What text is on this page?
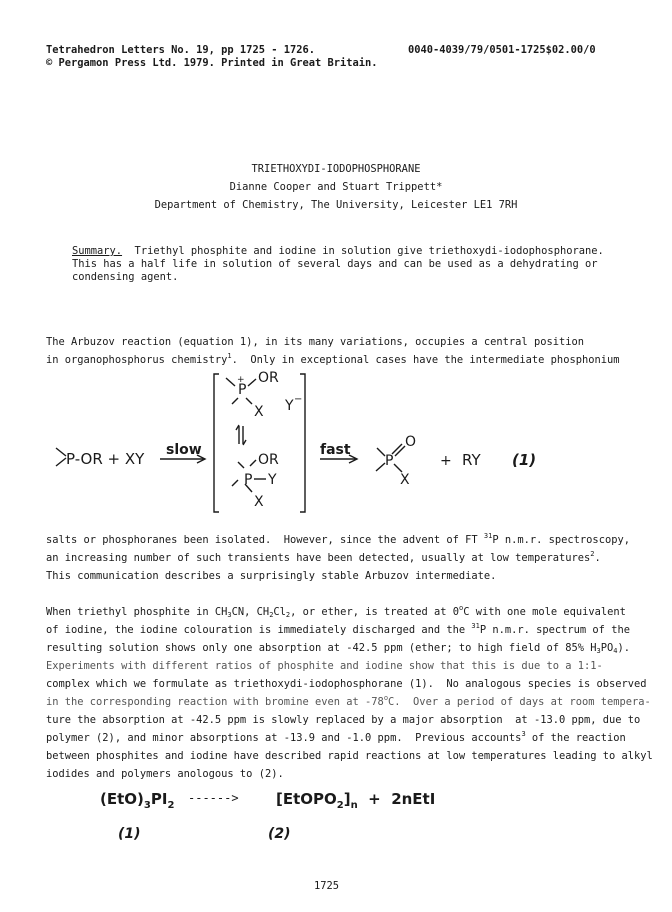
Tetrahedron Letters No. 19, pp 1725 - 1726.
© Pergamon Press Ltd. 1979. Printed in Great Britain.
0040-4039/79/0501-1725$02.00/0
TRIETHOXYDI-IODOPHOSPHORANE
Dianne Cooper and Stuart Trippett*
Department of Chemistry, The University, Leicester LE1 7RH
Summary.  Triethyl phosphite and iodine in solution give triethoxydi-iodophosphorane.
This has a half life in solution of several days and can be used as a dehydrating or
condensing agent.
The Arbuzov reaction (equation 1), in its many variations, occupies a central position
in organophosphorus chemistry$^1$.  Only in exceptional cases have the intermediate phosphonium
P-OR + XY slow
OR
P
+
X Y −
OR
P Y
X
fast	O
P
X
+ RY (1)
salts or phosphoranes been isolated.  However, since the advent of FT $^{31}$P n.m.r. spectroscopy,
an increasing number of such transients have been detected, usually at low temperatures$^2$.
This communication describes a surprisingly stable Arbuzov intermediate.
When triethyl phosphite in $CH_3CN$, $CH_2Cl_2$, or ether, is treated at 0$^o$C with one mole equivalent
of iodine, the iodine colouration is immediately discharged and the $^{31}$P n.m.r. spectrum of the
resulting solution shows only one absorption at -42.5 ppm (ether; to high field of 85% $H_3PO_4$).
Experiments with different ratios of phosphite and iodine show that this is due to a 1:1-
complex which we formulate as triethoxydi-iodophosphorane (1).  No analogous species is observed
in the corresponding reaction with bromine even at -78$^o$C.  Over a period of days at room tempera-
ture the absorption at -42.5 ppm is slowly replaced by a major absorption  at -13.0 ppm, due to
polymer (2), and minor absorptions at -13.9 and -1.0 ppm.  Previous accounts$^3$ of the reaction
between phosphites and iodine have described rapid reactions at low temperatures leading to alkyl
iodides and polymers anologous to (2).
$(EtO)_3PI_2$
------> $[EtOPO_2]_n$  +  2nEtI
(1)	(2)
1725
